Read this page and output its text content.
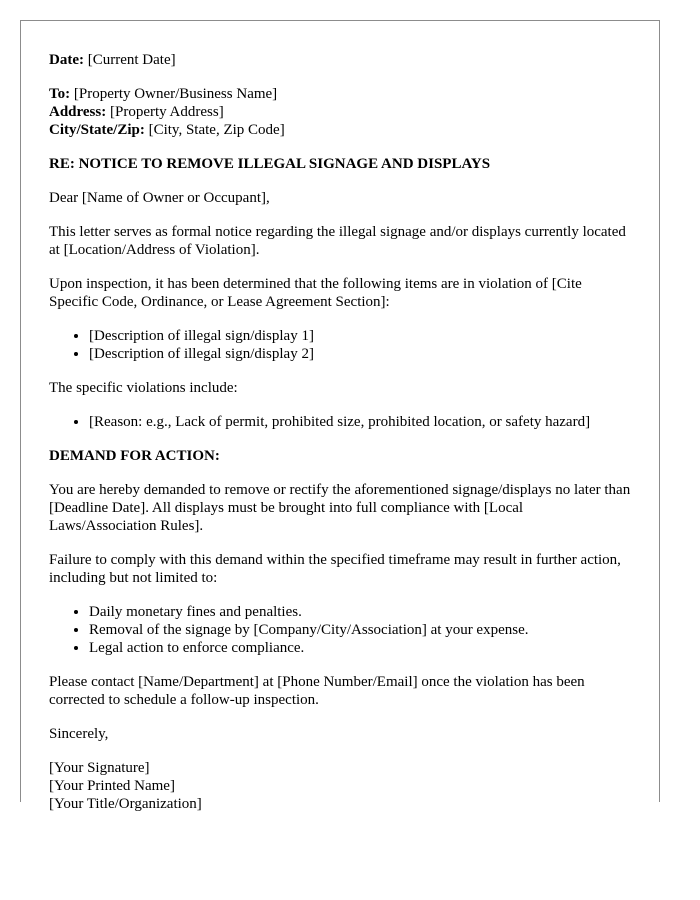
Date: [Current Date]

To: [Property Owner/Business Name]
Address: [Property Address]
City/State/Zip: [City, State, Zip Code]
RE: NOTICE TO REMOVE ILLEGAL SIGNAGE AND DISPLAYS

Dear [Name of Owner or Occupant],

This letter serves as formal notice regarding the illegal signage and/or displays currently located at [Location/Address of Violation].

Upon inspection, it has been determined that the following items are in violation of [Cite Specific Code, Ordinance, or Lease Agreement Section]:

• [Description of illegal sign/display 1]
• [Description of illegal sign/display 2]

The specific violations include:

• [Reason: e.g., Lack of permit, prohibited size, prohibited location, or safety hazard]
DEMAND FOR ACTION:

You are hereby demanded to remove or rectify the aforementioned signage/displays no later than [Deadline Date]. All displays must be brought into full compliance with [Local Laws/Association Rules].

Failure to comply with this demand within the specified timeframe may result in further action, including but not limited to:

• Daily monetary fines and penalties.
• Removal of the signage by [Company/City/Association] at your expense.
• Legal action to enforce compliance.

Please contact [Name/Department] at [Phone Number/Email] once the violation has been corrected to schedule a follow-up inspection.

Sincerely,

[Your Signature]
[Your Printed Name]
[Your Title/Organization]
